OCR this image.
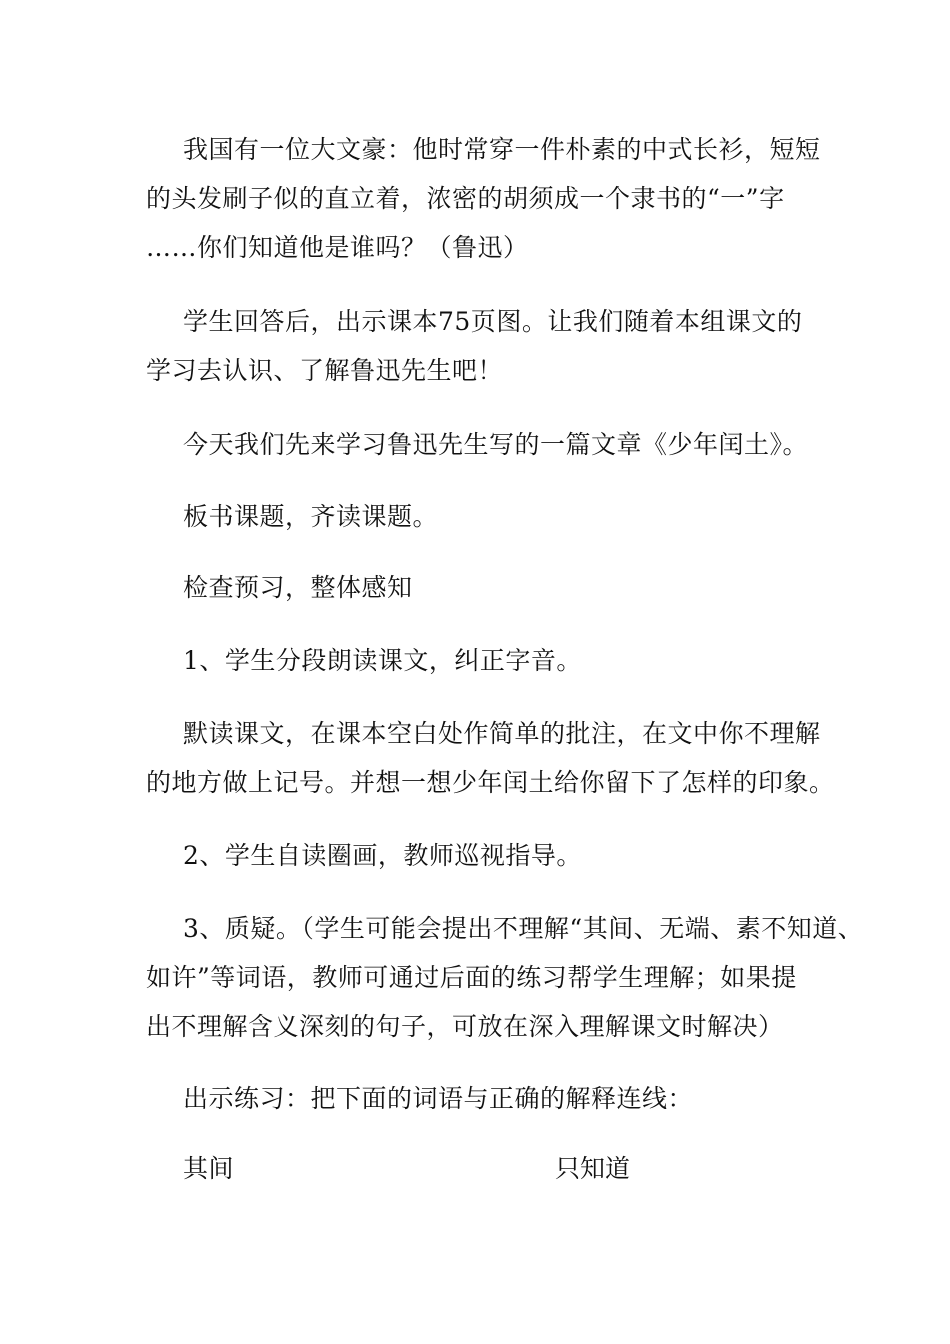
我国有一位大文豪：他时常穿一件朴素的中式长衫，短短
的头发刷子似的直立着，浓密的胡须成一个隶书的“一”字
……你们知道他是谁吗？（鲁迅）
学生回答后，出示课本75页图。让我们随着本组课文的
学习去认识、了解鲁迅先生吧！
今天我们先来学习鲁迅先生写的一篇文章《少年闰土》。
板书课题，齐读课题。
检查预习，整体感知
1、学生分段朗读课文，纠正字音。
默读课文，在课本空白处作简单的批注，在文中你不理解
的地方做上记号。并想一想少年闰土给你留下了怎样的印象。
2、学生自读圈画，教师巡视指导。
3、质疑。（学生可能会提出不理解“其间、无端、素不知道、
如许”等词语，教师可通过后面的练习帮学生理解；如果提
出不理解含义深刻的句子，可放在深入理解课文时解决）
出示练习：把下面的词语与正确的解释连线：
其间	只知道
